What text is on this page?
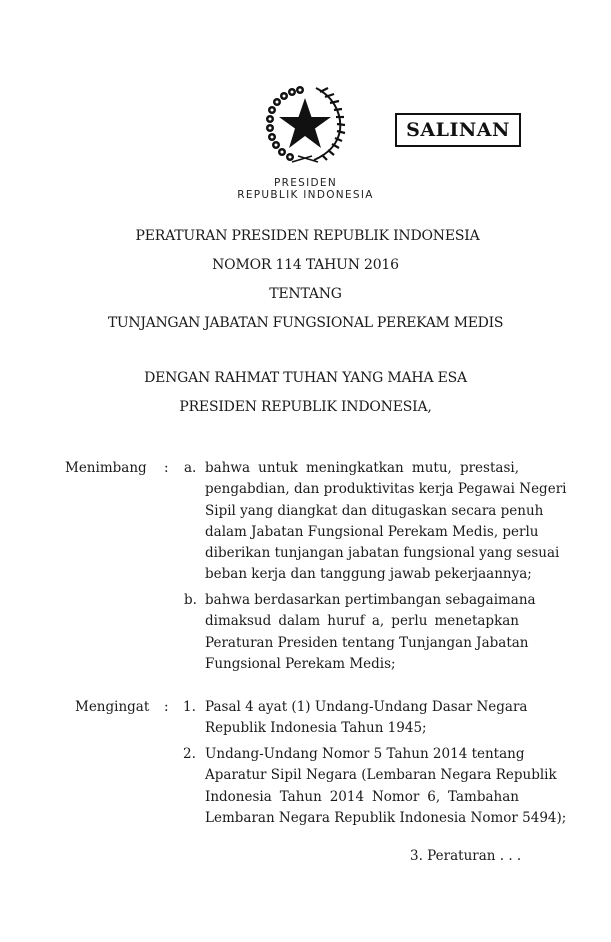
SALINAN
PRESIDEN
REPUBLIK INDONESIA
PERATURAN PRESIDEN REPUBLIK INDONESIA
NOMOR 114 TAHUN 2016
TENTANG
TUNJANGAN JABATAN FUNGSIONAL PEREKAM MEDIS
DENGAN RAHMAT TUHAN YANG MAHA ESA
PRESIDEN REPUBLIK INDONESIA,
Menimbang : a. bahwa untuk meningkatkan mutu, prestasi,
pengabdian, dan produktivitas kerja Pegawai Negeri
Sipil yang diangkat dan ditugaskan secara penuh
dalam Jabatan Fungsional Perekam Medis, perlu
diberikan tunjangan jabatan fungsional yang sesuai
beban kerja dan tanggung jawab pekerjaannya;
b. bahwa berdasarkan pertimbangan sebagaimana
dimaksud dalam huruf a, perlu menetapkan
Peraturan Presiden tentang Tunjangan Jabatan
Fungsional Perekam Medis;
Mengingat : 1. Pasal 4 ayat (1) Undang-Undang Dasar Negara
Republik Indonesia Tahun 1945;
2. Undang-Undang Nomor 5 Tahun 2014 tentang
Aparatur Sipil Negara (Lembaran Negara Republik
Indonesia Tahun 2014 Nomor 6, Tambahan
Lembaran Negara Republik Indonesia Nomor 5494);
3. Peraturan . . .
